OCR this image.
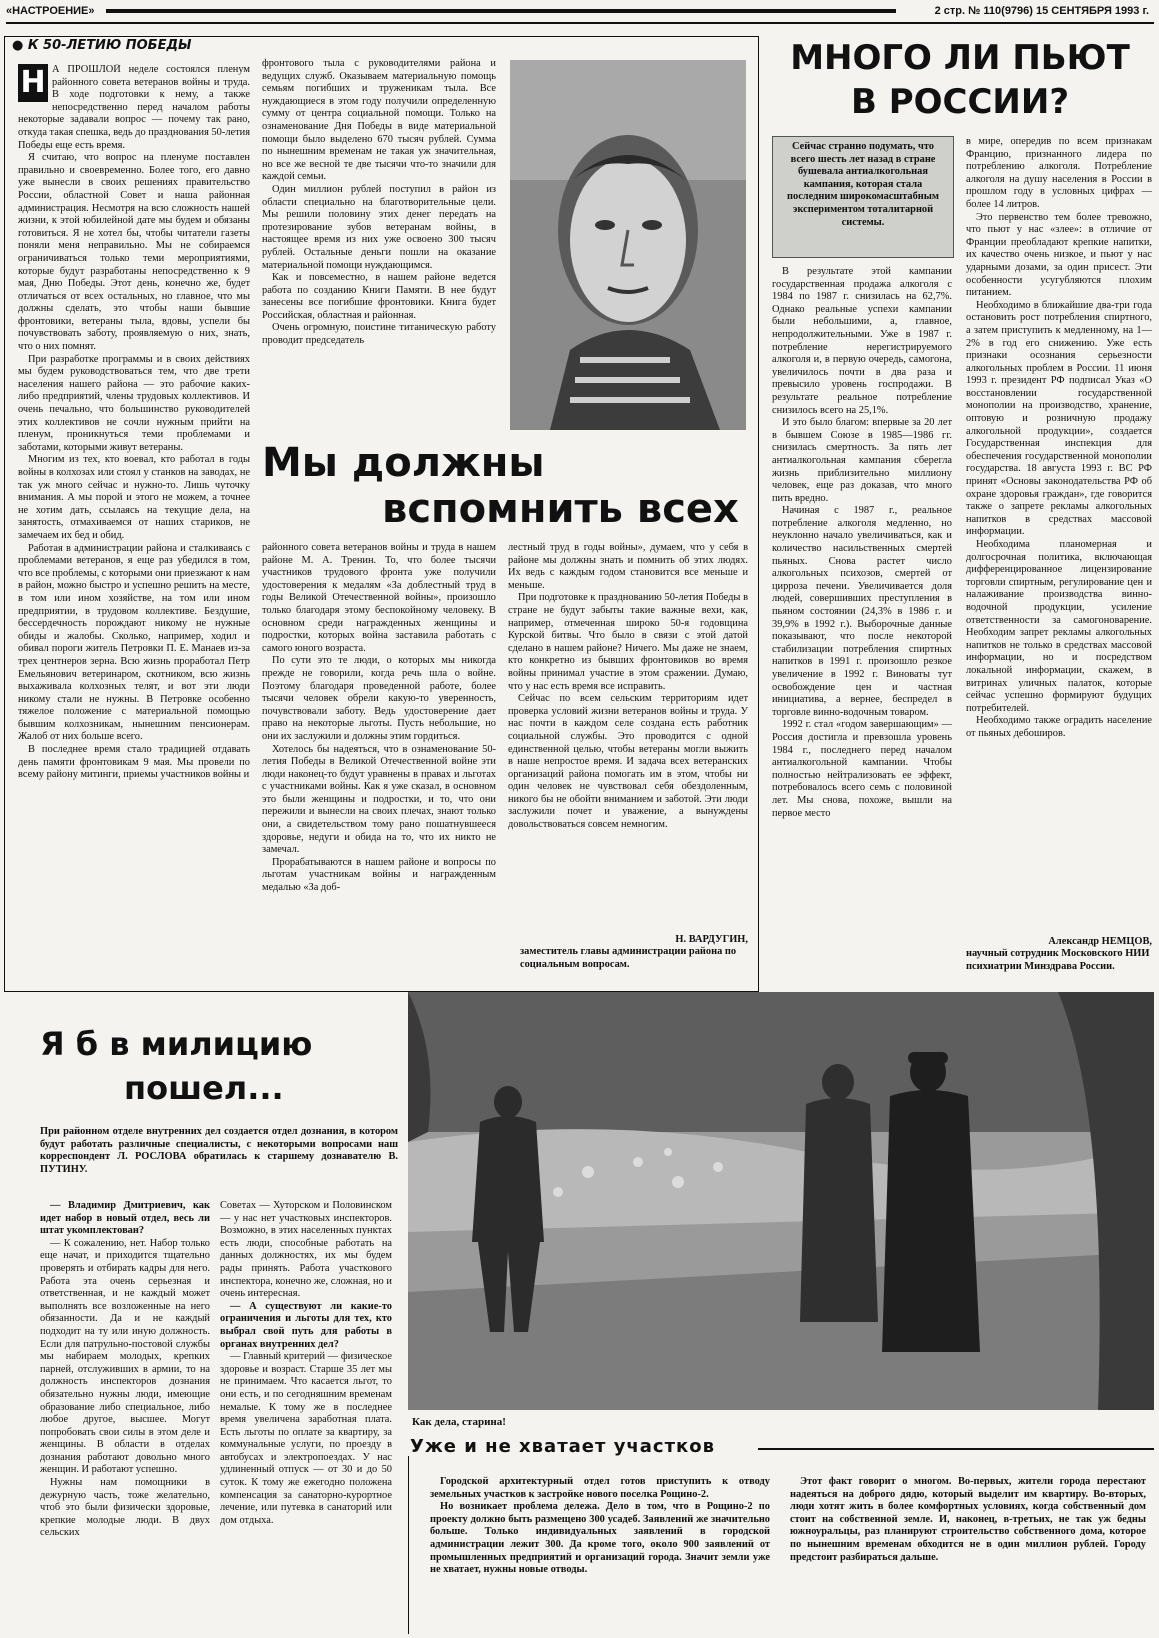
«НАСТРОЕНИЕ»	2 стр. № 110(9796) 15 СЕНТЯБРЯ 1993 г.
● К 50-ЛЕТИЮ ПОБЕДЫ
Н А ПРОШЛОЙ неделе состоялся пленум районного совета ветеранов войны и труда. В ходе подготовки к нему, а также непосредственно перед началом работы некоторые задавали вопрос — почему так рано, откуда такая спешка, ведь до празднования 50-летия Победы еще есть время.

Я считаю, что вопрос на пленуме поставлен правильно и своевременно. Более того, его давно уже вынесли в своих решениях правительство России, областной Совет и наша районная администрация. Несмотря на всю сложность нашей жизни, к этой юбилейной дате мы будем и обязаны готовиться. Я не хотел бы, чтобы читатели газеты поняли меня неправильно. Мы не собираемся ограничиваться только теми мероприятиями, которые будут разработаны непосредственно к 9 мая, Дню Победы. Этот день, конечно же, будет отличаться от всех остальных, но главное, что мы должны сделать, это чтобы наши бывшие фронтовики, ветераны тыла, вдовы, успели бы почувствовать заботу, проявляемую о них, знать, что о них помнят.

При разработке программы и в своих действиях мы будем руководствоваться тем, что две трети населения нашего района — это рабочие каких-либо предприятий, члены трудовых коллективов. И очень печально, что большинство руководителей этих коллективов не сочли нужным прийти на пленум, проникнуться теми проблемами и заботами, которыми живут ветераны.

Многим из тех, кто воевал, кто работал в годы войны в колхозах или стоял у станков на заводах, не так уж много сейчас и нужно-то. Лишь чуточку внимания. А мы порой и этого не можем, а точнее не хотим дать, ссылаясь на текущие дела, на занятость, отмахиваемся от наших стариков, не замечаем их бед и обид.

Работая в администрации района и сталкиваясь с проблемами ветеранов, я еще раз убедился в том, что все проблемы, с которыми они приезжают к нам в район, можно быстро и успешно решить на месте, в том или ином хозяйстве, на том или ином предприятии, в трудовом коллективе. Бездушие, бессердечность порождают никому не нужные обиды и жалобы. Сколько, например, ходил и обивал пороги житель Петровки П. Е. Манаев из-за трех центнеров зерна. Всю жизнь проработал Петр Емельянович ветеринаром, скотником, всю жизнь выхаживала колхозных телят, и вот эти люди никому стали не нужны. В Петровке особенно тяжелое положение с материальной помощью бывшим колхозникам, нынешним пенсионерам. Жалоб от них больше всего.

В последнее время стало традицией отдавать день памяти фронтовикам 9 мая. Мы провели по всему району митинги, приемы участников войны и

фронтового тыла с руководителями района и ведущих служб. Оказываем материальную помощь семьям погибших и труженикам тыла. Все нуждающиеся в этом году получили определенную сумму от центра социальной помощи. Только на ознаменование Дня Победы в виде материальной помощи было выделено 670 тысяч рублей. Сумма по нынешним временам не такая уж значительная, но все же весной те две тысячи что-то значили для каждой семьи.

Один миллион рублей поступил в район из области специально на благотворительные цели. Мы решили половину этих денег передать на протезирование зубов ветеранам войны, в настоящее время из них уже освоено 300 тысяч рублей. Остальные деньги пошли на оказание материальной помощи нуждающимся.

Как и повсеместно, в нашем районе ведется работа по созданию Книги Памяти. В нее будут занесены все погибшие фронтовики. Книга будет Российская, областная и районная.

Очень огромную, поистине титаническую работу проводит председатель

Мы должны
вспомнить всех

районного совета ветеранов войны и труда в нашем районе М. А. Тренин. То, что более тысячи участников трудового фронта уже получили удостоверения к медалям «За доблестный труд в годы Великой Отечественной войны», произошло только благодаря этому беспокойному человеку. В основном среди награжденных женщины и подростки, которых война заставила работать с самого юного возраста.

По сути это те люди, о которых мы никогда прежде не говорили, когда речь шла о войне. Поэтому благодаря проведенной работе, более тысячи человек обрели какую-то уверенность, почувствовали заботу. Ведь удостоверение дает право на некоторые льготы. Пусть небольшие, но они их заслужили и должны этим гордиться.

Хотелось бы надеяться, что в ознаменование 50-летия Победы в Великой Отечественной войне эти люди наконец-то будут уравнены в правах и льготах с участниками войны. Как я уже сказал, в основном это были женщины и подростки, и то, что они пережили и вынесли на своих плечах, знают только они, а свидетельством тому рано пошатнувшееся здоровье, недуги и обида на то, что их никто не замечал.

Прорабатываются в нашем районе и вопросы по льготам участникам войны и награжденным медалью «За доб-

лестный труд в годы войны», думаем, что у себя в районе мы должны знать и помнить об этих людях. Их ведь с каждым годом становится все меньше и меньше.

При подготовке к празднованию 50-летия Победы в стране не будут забыты такие важные вехи, как, например, отмеченная широко 50-я годовщина Курской битвы. Что было в связи с этой датой сделано в нашем районе? Ничего. Мы даже не знаем, кто конкретно из бывших фронтовиков во время войны принимал участие в этом сражении. Думаю, что у нас есть время все исправить.

Сейчас по всем сельским территориям идет проверка условий жизни ветеранов войны и труда. У нас почти в каждом селе создана есть работник социальной службы. Это проводится с одной единственной целью, чтобы ветераны могли выжить в наше непростое время. И задача всех ветеранских организаций района помогать им в этом, чтобы ни один человек не чувствовал себя обездоленным, никого бы не обойти вниманием и заботой. Эти люди заслужили почет и уважение, а вынуждены довольствоваться совсем немногим.

Н. ВАРДУГИН,
заместитель главы администрации района по социальным вопросам.
МНОГО ЛИ ПЬЮТ
В РОССИИ?
Сейчас странно подумать, что всего шесть лет назад в стране бушевала антиалкогольная кампания, которая стала последним широкомасштабным экспериментом тоталитарной системы.

В результате этой кампании государственная продажа алкоголя с 1984 по 1987 г. снизилась на 62,7%. Однако реальные успехи кампании были небольшими, а, главное, непродолжительными. Уже в 1987 г. потребление нерегистрируемого алкоголя и, в первую очередь, самогона, увеличилось почти в два раза и превысило уровень госпродажи. В результате реальное потребление снизилось всего на 25,1%.

И это было благом: впервые за 20 лет в бывшем Союзе в 1985—1986 гг. снизилась смертность. За пять лет антиалкогольная кампания сберегла жизнь приблизительно миллиону человек, еще раз доказав, что много пить вредно.

Начиная с 1987 г., реальное потребление алкоголя медленно, но неуклонно начало увеличиваться, как и количество насильственных смертей пьяных. Снова растет число алкогольных психозов, смертей от цирроза печени. Увеличивается доля людей, совершивших преступления в пьяном состоянии (24,3% в 1986 г. и 39,9% в 1992 г.). Выборочные данные показывают, что после некоторой стабилизации потребления спиртных напитков в 1991 г. произошло резкое увеличение в 1992 г. Виноваты тут освобождение цен и частная инициатива, а вернее, беспредел в торговле винно-водочным товаром.

1992 г. стал «годом завершающим» — Россия достигла и превзошла уровень 1984 г., последнего перед началом антиалкогольной кампании. Чтобы полностью нейтрализовать ее эффект, потребовалось всего семь с половиной лет. Мы снова, похоже, вышли на первое место

в мире, опередив по всем признакам Францию, признанного лидера по потреблению алкоголя. Потребление алкоголя на душу населения в России в прошлом году в условных цифрах — более 14 литров.

Это первенство тем более тревожно, что пьют у нас «злее»: в отличие от Франции преобладают крепкие напитки, их качество очень низкое, и пьют у нас ударными дозами, за один присест. Эти особенности усугубляются плохим питанием.

Необходимо в ближайшие два-три года остановить рост потребления спиртного, а затем приступить к медленному, на 1—2% в год его снижению. Уже есть признаки осознания серьезности алкогольных проблем в России. 11 июня 1993 г. президент РФ подписал Указ «О восстановлении государственной монополии на производство, хранение, оптовую и розничную продажу алкогольной продукции», создается Государственная инспекция для обеспечения государственной монополии государства. 18 августа 1993 г. ВС РФ принят «Основы законодательства РФ об охране здоровья граждан», где говорится также о запрете рекламы алкогольных напитков в средствах массовой информации.

Необходима планомерная и долгосрочная политика, включающая дифференцированное лицензирование торговли спиртным, регулирование цен и налаживание производства винно-водочной продукции, усиление ответственности за самогоноварение. Необходим запрет рекламы алкогольных напитков не только в средствах массовой информации, но и посредством локальной информации, скажем, в витринах уличных палаток, которые сейчас успешно формируют будущих потребителей.

Необходимо также оградить население от пьяных дебоширов.

Александр НЕМЦОВ,
научный сотрудник Московского НИИ психиатрии Минздрава России.
Я б в милицию
пошел...
При районном отделе внутренних дел создается отдел дознания, в котором будут работать различные специалисты, с некоторыми вопросами наш корреспондент Л. РОСЛОВА обратилась к старшему дознавателю В. ПУТИНУ.

— Владимир Дмитриевич, как идет набор в новый отдел, весь ли штат укомплектован?

— К сожалению, нет. Набор только еще начат, и приходится тщательно проверять и отбирать кадры для него. Работа эта очень серьезная и ответственная, и не каждый может выполнять все возложенные на него обязанности. Да и не каждый подходит на ту или иную должность. Если для патрульно-постовой службы мы набираем молодых, крепких парней, отслуживших в армии, то на должность инспекторов дознания обязательно нужны люди, имеющие образование либо специальное, либо любое другое, высшее. Могут попробовать свои силы в этом деле и женщины. В области в отделах дознания работают довольно много женщин. И работают успешно.

Нужны нам помощники в дежурную часть, тоже желательно, чтоб это были физически здоровые, крепкие молодые люди. В двух сельских

Советах — Хуторском и Половинском — у нас нет участковых инспекторов. Возможно, в этих населенных пунктах есть люди, способные работать на данных должностях, их мы будем рады принять. Работа участкового инспектора, конечно же, сложная, но и очень интересная.

— А существуют ли какие-то ограничения и льготы для тех, кто выбрал свой путь для работы в органах внутренних дел?

— Главный критерий — физическое здоровье и возраст. Старше 35 лет мы не принимаем. Что касается льгот, то они есть, и по сегодняшним временам немалые. К тому же в последнее время увеличена заработная плата. Есть льготы по оплате за квартиру, за коммунальные услуги, по проезду в автобусах и электропоездах. У нас удлиненный отпуск — от 30 и до 50 суток. К тому же ежегодно положена компенсация за санаторно-курортное лечение, или путевка в санаторий или дом отдыха.

Как дела, старина!
Уже и не хватает участков

Городской архитектурный отдел готов приступить к отводу земельных участков к застройке нового поселка Рощино-2.

Но возникает проблема дележа. Дело в том, что в Рощино-2 по проекту должно быть размещено 300 усадеб. Заявлений же значительно больше. Только индивидуальных заявлений в городской администрации лежит 300. Да кроме того, около 900 заявлений от промышленных предприятий и организаций города. Значит земли уже не хватает, нужны новые отводы.

Этот факт говорит о многом. Во-первых, жители города перестают надеяться на доброго дядю, который выделит им квартиру. Во-вторых, люди хотят жить в более комфортных условиях, когда собственный дом стоит на собственной земле. И, наконец, в-третьих, не так уж бедны южноуральцы, раз планируют строительство собственного дома, которое по нынешним временам обходится не в один миллион рублей. Городу предстоит разбираться дальше.
